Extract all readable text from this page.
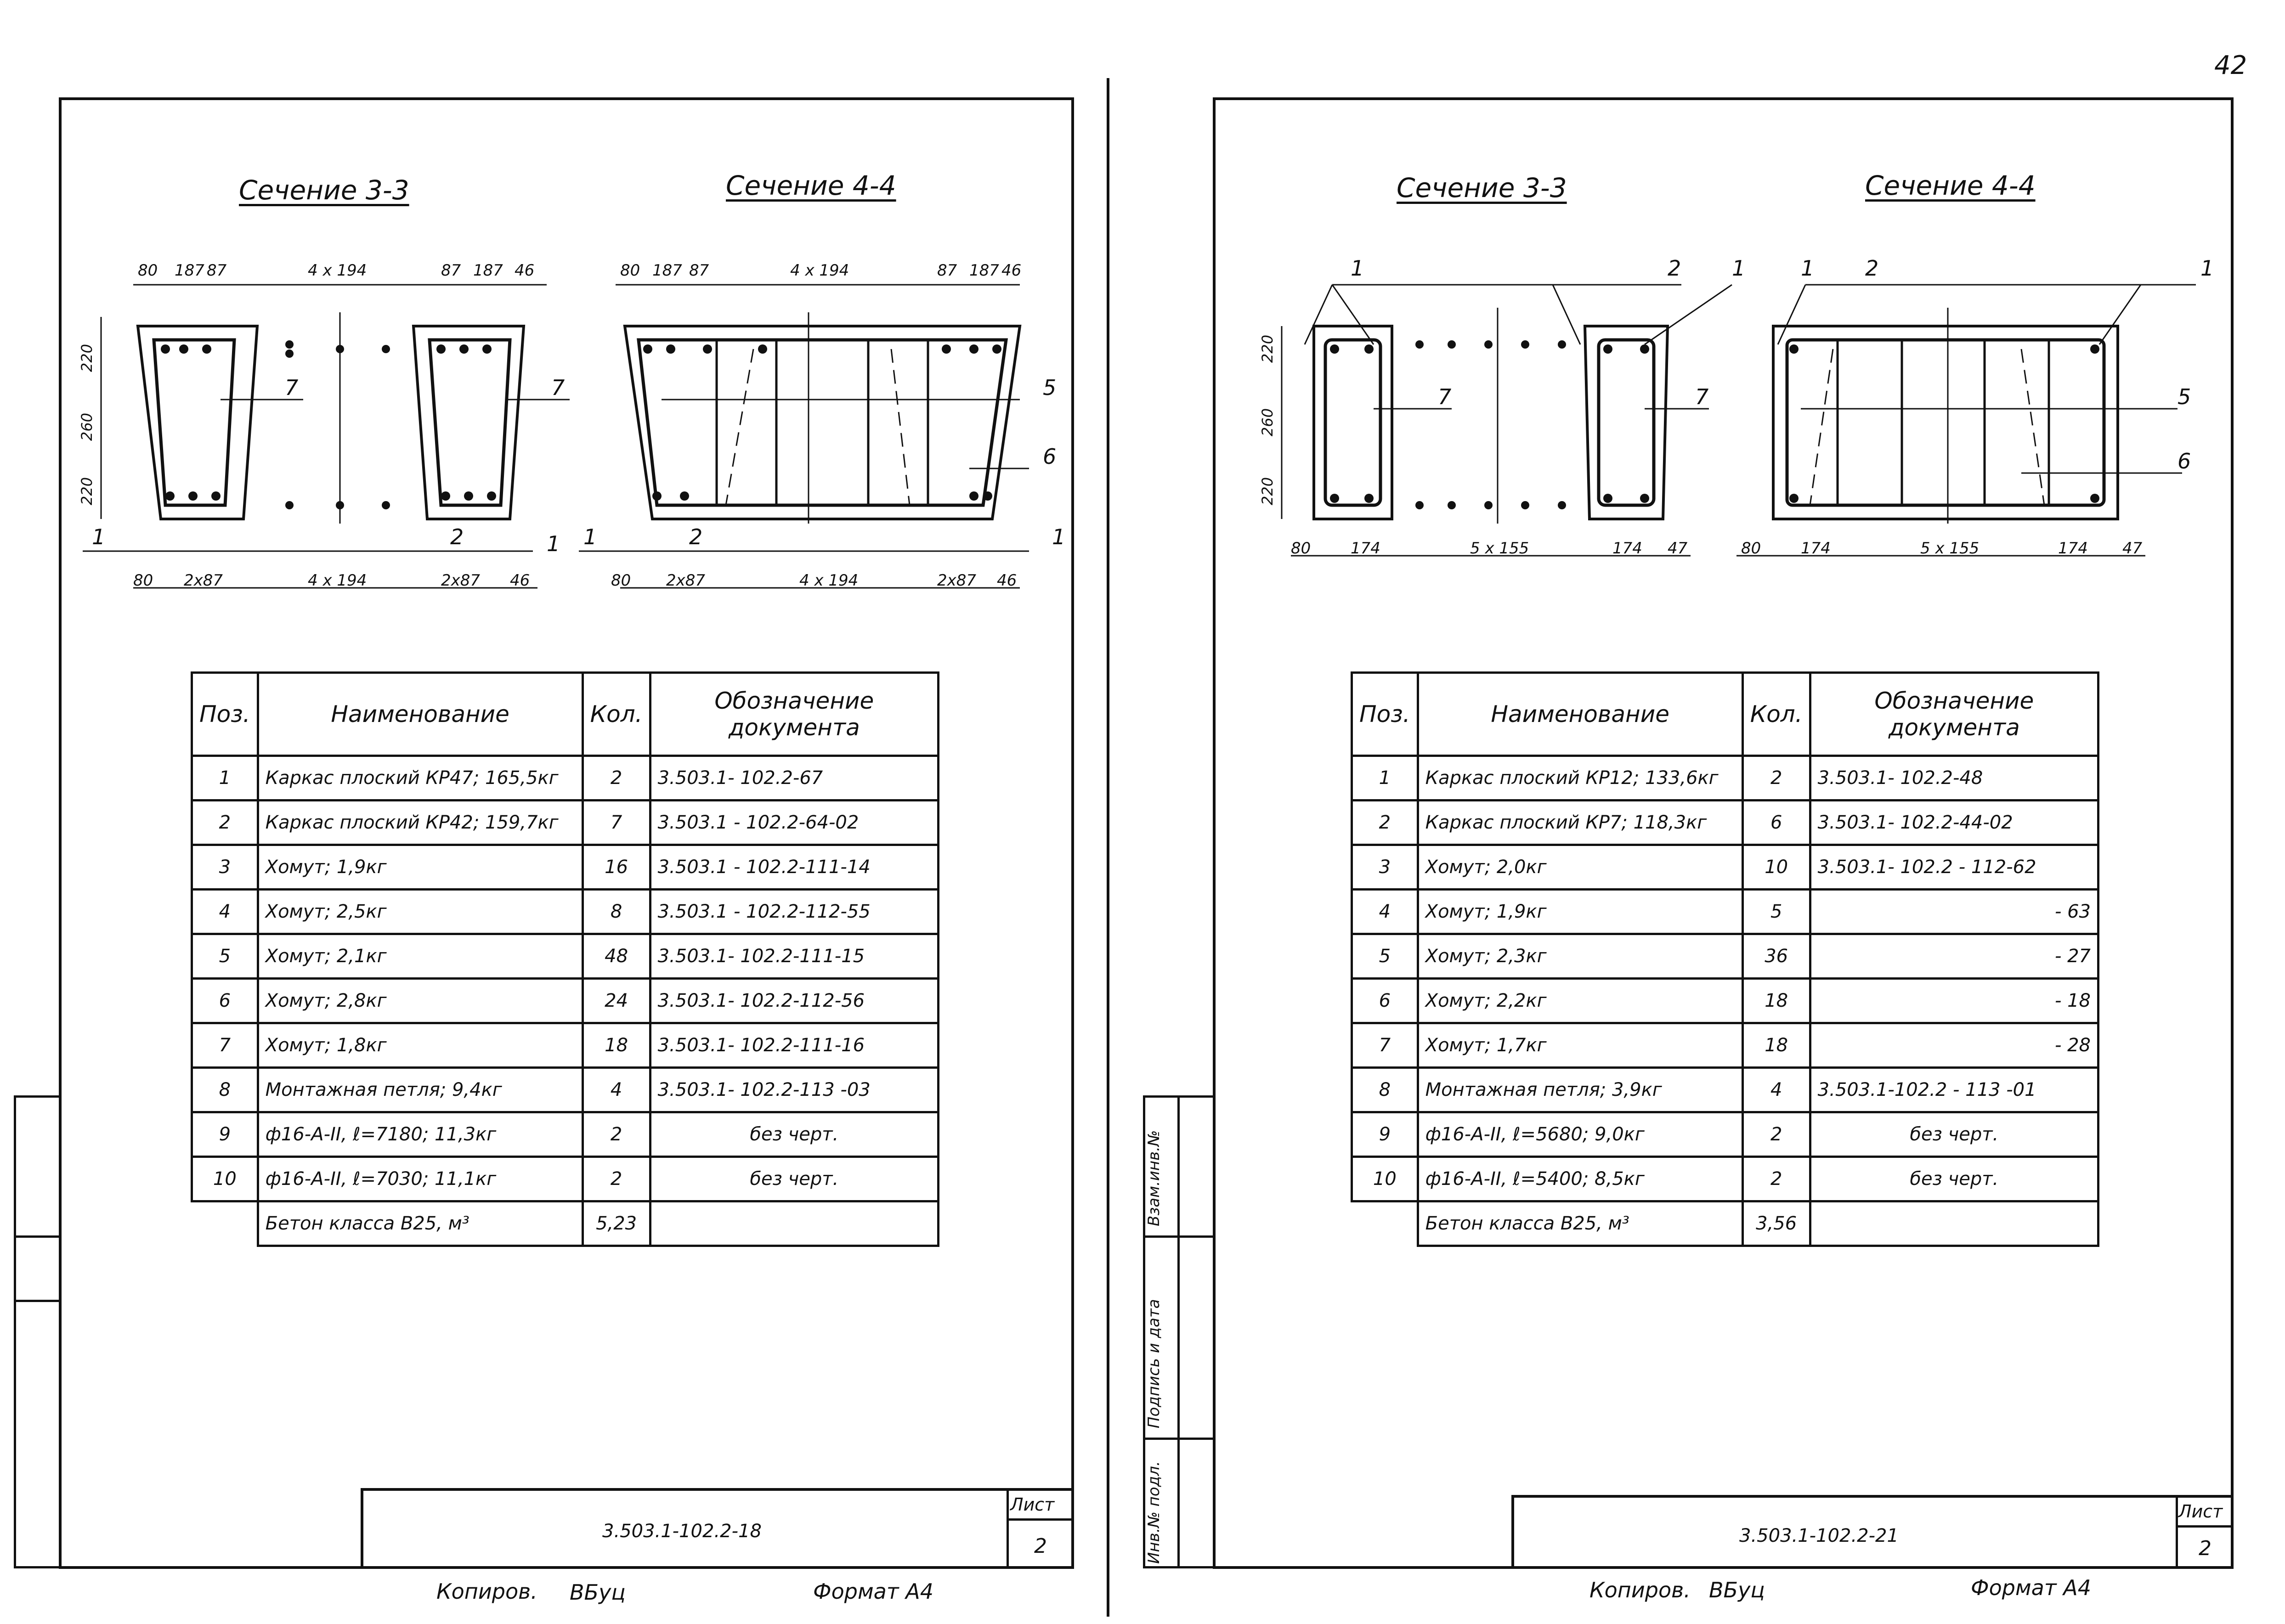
42
Сечение 3-3	Сечение 4-4
80 187 87	4 x 194	87 187 46	80 187 87	4 x 194	87 187 46
220
260
220
7	7	5
6
1	2	1 1	2	1
80 2x87	4 x 194	2x87 46	80 2x87	4 x 194	2x87 46
Поз.	Наименование	Кол.	Обозначение документа
1	Каркас плоский КР47; 165,5кг	2	3.503.1- 102.2-67
2	Каркас плоский КР42; 159,7кг	7	3.503.1 - 102.2-64-02
3	Хомут; 1,9кг	16	3.503.1 - 102.2-111-14
4	Хомут; 2,5кг	8	3.503.1 - 102.2-112-55
5	Хомут; 2,1кг	48	3.503.1- 102.2-111-15
6	Хомут; 2,8кг	24	3.503.1- 102.2-112-56
7	Хомут; 1,8кг	18	3.503.1- 102.2-111-16
8	Монтажная петля; 9,4кг	4	3.503.1- 102.2-113 -03
9	ф16-А-II, ℓ=7180; 11,3кг	2	без черт.
10	ф16-А-II, ℓ=7030; 11,1кг	2	без черт.
	Бетон класса В25, м³	5,23	
3.503.1-102.2-18
Лист
2
Копиров. ВБуц	Формат А4
Инв.№ подл.
Подпись и дата
Взам.инв.№
Сечение 3-3	Сечение 4-4
1	2 1	1 2	1
220
260
220
7	7	5
6
80	174	5 x 155	174 47	80	174	5 x 155	174 47
Поз.	Наименование	Кол.	Обозначение документа
1	Каркас плоский КР12; 133,6кг	2	3.503.1- 102.2-48
2	Каркас плоский КР7; 118,3кг	6	3.503.1- 102.2-44-02
3	Хомут; 2,0кг	10	3.503.1- 102.2 - 112-62
4	Хомут; 1,9кг	5	- 63
5	Хомут; 2,3кг	36	- 27
6	Хомут; 2,2кг	18	- 18
7	Хомут; 1,7кг	18	- 28
8	Монтажная петля; 3,9кг	4	3.503.1-102.2 - 113 -01
9	ф16-А-II, ℓ=5680; 9,0кг	2	без черт.
10	ф16-А-II, ℓ=5400; 8,5кг	2	без черт.
	Бетон класса В25, м³	3,56	
3.503.1-102.2-21
Лист
2
Копиров. ВБуц	Формат А4
